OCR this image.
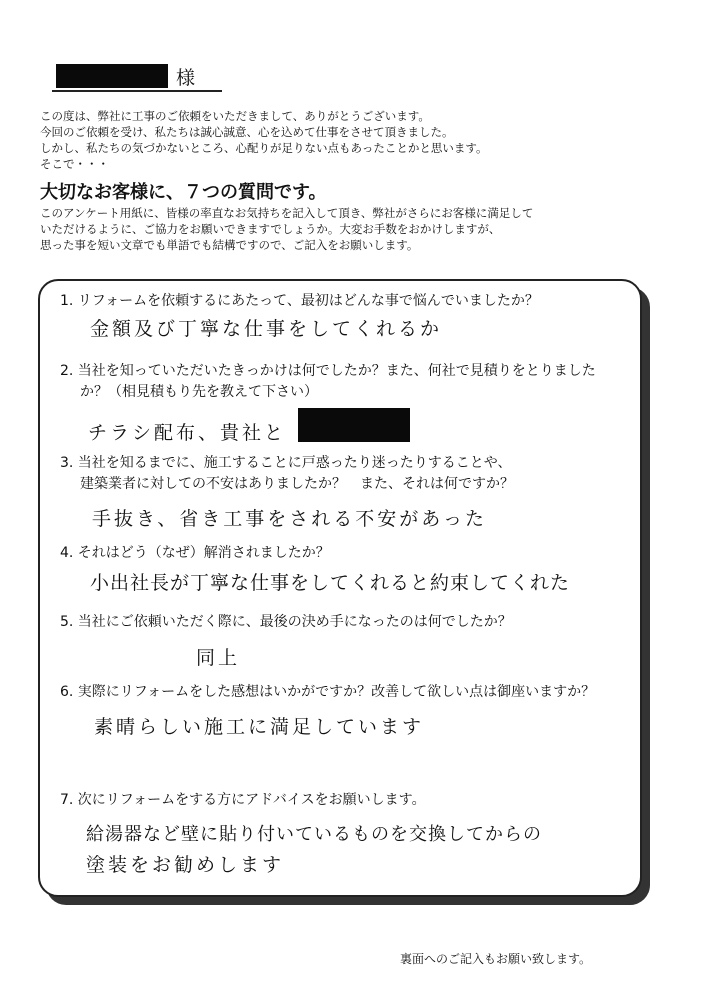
様
この度は、弊社に工事のご依頼をいただきまして、ありがとうございます。
今回のご依頼を受け、私たちは誠心誠意、心を込めて仕事をさせて頂きました。
しかし、私たちの気づかないところ、心配りが足りない点もあったことかと思います。
そこで・・・
大切なお客様に、７つの質問です。
このアンケート用紙に、皆様の率直なお気持ちを記入して頂き、弊社がさらにお客様に満足して
いただけるように、ご協力をお願いできますでしょうか。大変お手数をおかけしますが、
思った事を短い文章でも単語でも結構ですので、ご記入をお願いします。
1. リフォームを依頼するにあたって、最初はどんな事で悩んでいましたか？
金額及び丁寧な仕事をしてくれるか
2. 当社を知っていただいたきっかけは何でしたか？また、何社で見積りをとりました
か？（相見積もり先を教えて下さい）
チラシ配布、貴社と
3. 当社を知るまでに、施工することに戸惑ったり迷ったりすることや、
建築業者に対しての不安はありましたか？　また、それは何ですか？
手抜き、省き工事をされる不安があった
4. それはどう（なぜ）解消されましたか？
小出社長が丁寧な仕事をしてくれると約束してくれた
5. 当社にご依頼いただく際に、最後の決め手になったのは何でしたか？
同上
6. 実際にリフォームをした感想はいかがですか？改善して欲しい点は御座いますか？
素晴らしい施工に満足しています
7. 次にリフォームをする方にアドバイスをお願いします。
給湯器など壁に貼り付いているものを交換してからの
塗装をお勧めします
裏面へのご記入もお願い致します。
